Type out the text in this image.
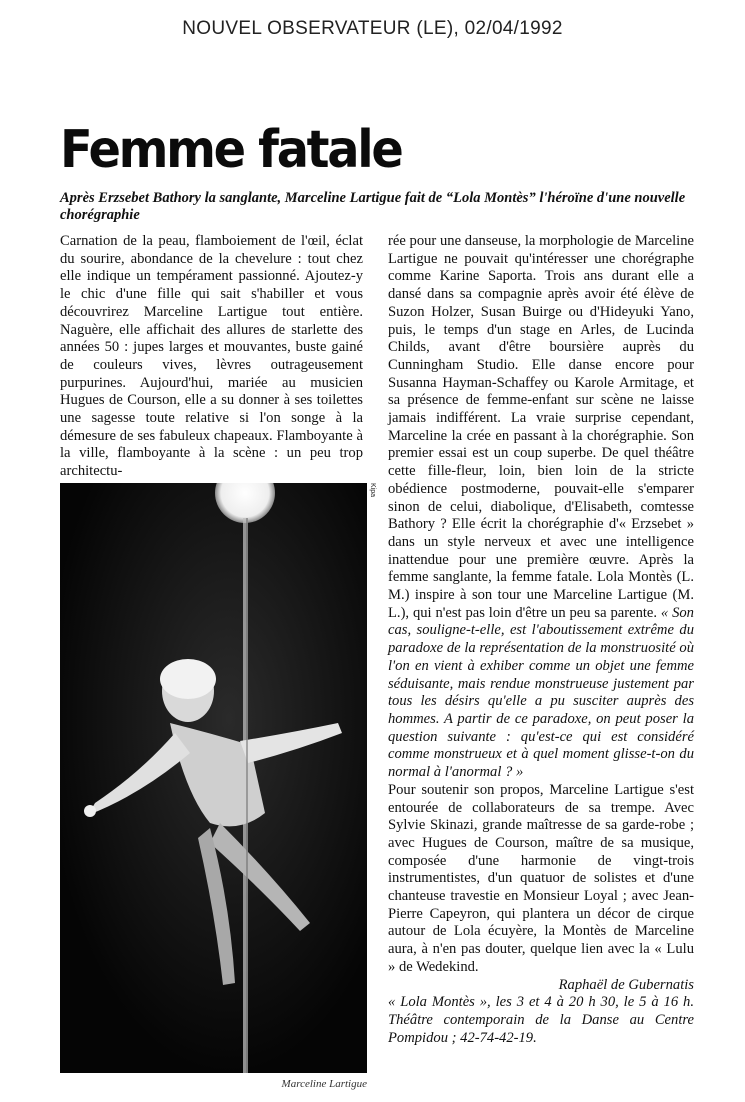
NOUVEL OBSERVATEUR (LE), 02/04/1992
Femme fatale
Après Erzsebet Bathory la sanglante, Marceline Lartigue fait de “Lola Montès” l'héroïne d'une nouvelle chorégraphie

Carnation de la peau, flamboiement de l'œil, éclat du sourire, abondance de la chevelure : tout chez elle indique un tempérament passionné. Ajoutez-y le chic d'une fille qui sait s'habiller et vous découvrirez Marceline Lartigue tout entière. Naguère, elle affichait des allures de starlette des années 50 : jupes larges et mouvantes, buste gainé de couleurs vives, lèvres outrageusement purpurines. Aujourd'hui, mariée au musicien Hugues de Courson, elle a su donner à ses toilettes une sagesse toute relative si l'on songe à la démesure de ses fabuleux chapeaux. Flamboyante à la ville, flamboyante à la scène : un peu trop architectu-

Kipa
Marceline Lartigue

rée pour une danseuse, la morphologie de Marceline Lartigue ne pouvait qu'intéresser une chorégraphe comme Karine Saporta. Trois ans durant elle a dansé dans sa compagnie après avoir été élève de Suzon Holzer, Susan Buirge ou d'Hideyuki Yano, puis, le temps d'un stage en Arles, de Lucinda Childs, avant d'être boursière auprès du Cunningham Studio. Elle danse encore pour Susanna Hayman-Schaffey ou Karole Armitage, et sa présence de femme-enfant sur scène ne laisse jamais indifférent. La vraie surprise cependant, Marceline la crée en passant à la chorégraphie. Son premier essai est un coup superbe. De quel théâtre cette fille-fleur, loin, bien loin de la stricte obédience postmoderne, pouvait-elle s'emparer sinon de celui, diabolique, d'Elisabeth, comtesse Bathory ? Elle écrit la chorégraphie d'« Erzsebet » dans un style nerveux et avec une intelligence inattendue pour une première œuvre. Après la femme sanglante, la femme fatale. Lola Montès (L. M.) inspire à son tour une Marceline Lartigue (M. L.), qui n'est pas loin d'être un peu sa parente. « Son cas, souligne-t-elle, est l'aboutissement extrême du paradoxe de la représentation de la monstruosité où l'on en vient à exhiber comme un objet une femme séduisante, mais rendue monstrueuse justement par tous les désirs qu'elle a pu susciter auprès des hommes. A partir de ce paradoxe, on peut poser la question suivante : qu'est-ce qui est considéré comme monstrueux et à quel moment glisse-t-on du normal à l'anormal ? »

Pour soutenir son propos, Marceline Lartigue s'est entourée de collaborateurs de sa trempe. Avec Sylvie Skinazi, grande maîtresse de sa garde-robe ; avec Hugues de Courson, maître de sa musique, composée d'une harmonie de vingt-trois instrumentistes, d'un quatuor de solistes et d'une chanteuse travestie en Monsieur Loyal ; avec Jean-Pierre Capeyron, qui plantera un décor de cirque autour de Lola écuyère, la Montès de Marceline aura, à n'en pas douter, quelque lien avec la « Lulu » de Wedekind.

Raphaël de Gubernatis

« Lola Montès », les 3 et 4 à 20 h 30, le 5 à 16 h. Théâtre contemporain de la Danse au Centre Pompidou ; 42-74-42-19.
